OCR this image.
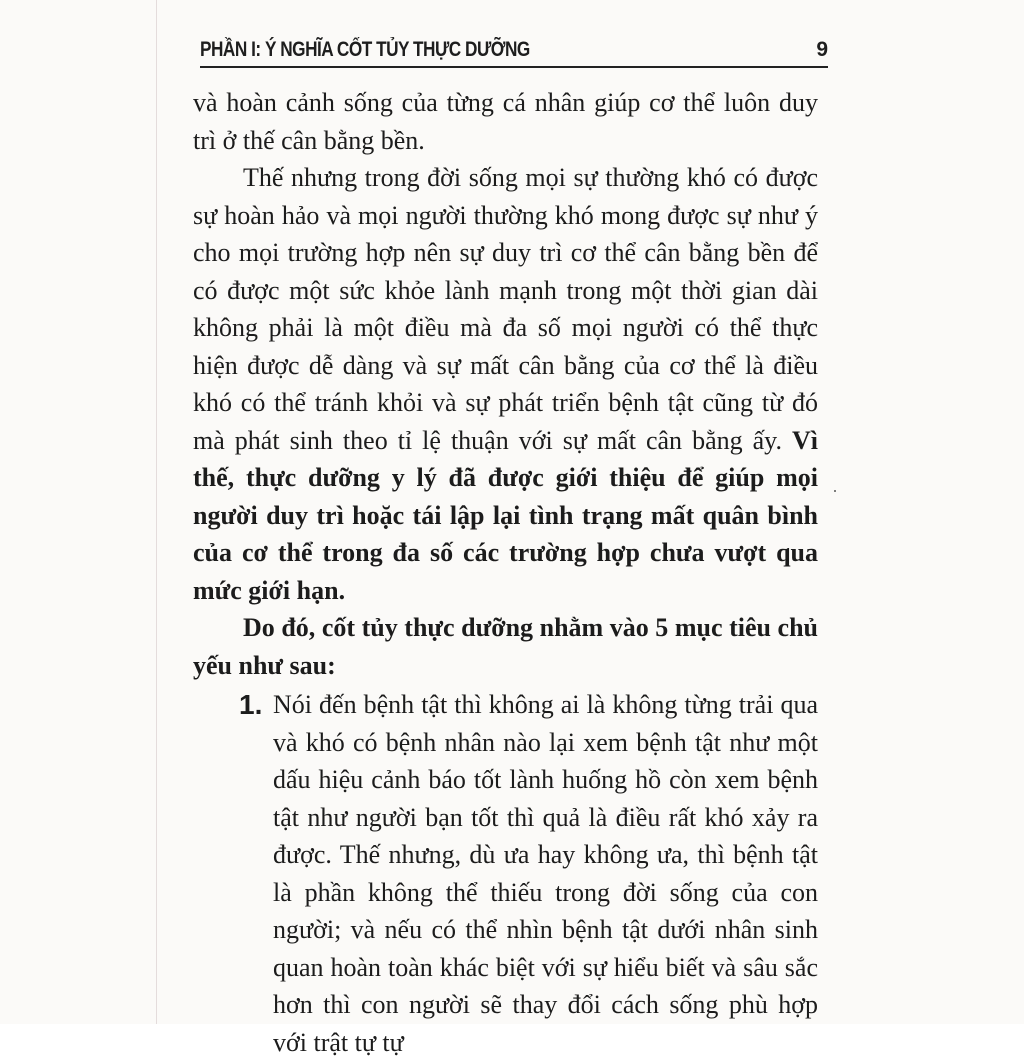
PHẦN I: Ý NGHĨA CỐT TỦY THỰC DƯỠNG	9

và hoàn cảnh sống của từng cá nhân giúp cơ thể luôn duy trì ở thế cân bằng bền.

Thế nhưng trong đời sống mọi sự thường khó có được sự hoàn hảo và mọi người thường khó mong được sự như ý cho mọi trường hợp nên sự duy trì cơ thể cân bằng bền để có được một sức khỏe lành mạnh trong một thời gian dài không phải là một điều mà đa số mọi người có thể thực hiện được dễ dàng và sự mất cân bằng của cơ thể là điều khó có thể tránh khỏi và sự phát triển bệnh tật cũng từ đó mà phát sinh theo tỉ lệ thuận với sự mất cân bằng ấy. Vì thế, thực dưỡng y lý đã được giới thiệu để giúp mọi người duy trì hoặc tái lập lại tình trạng mất quân bình của cơ thể trong đa số các trường hợp chưa vượt qua mức giới hạn.

Do đó, cốt tủy thực dưỡng nhằm vào 5 mục tiêu chủ yếu như sau:

1. Nói đến bệnh tật thì không ai là không từng trải qua và khó có bệnh nhân nào lại xem bệnh tật như một dấu hiệu cảnh báo tốt lành huống hồ còn xem bệnh tật như người bạn tốt thì quả là điều rất khó xảy ra được. Thế nhưng, dù ưa hay không ưa, thì bệnh tật là phần không thể thiếu trong đời sống của con người; và nếu có thể nhìn bệnh tật dưới nhân sinh quan hoàn toàn khác biệt với sự hiểu biết và sâu sắc hơn thì con người sẽ thay đổi cách sống phù hợp với trật tự tự
